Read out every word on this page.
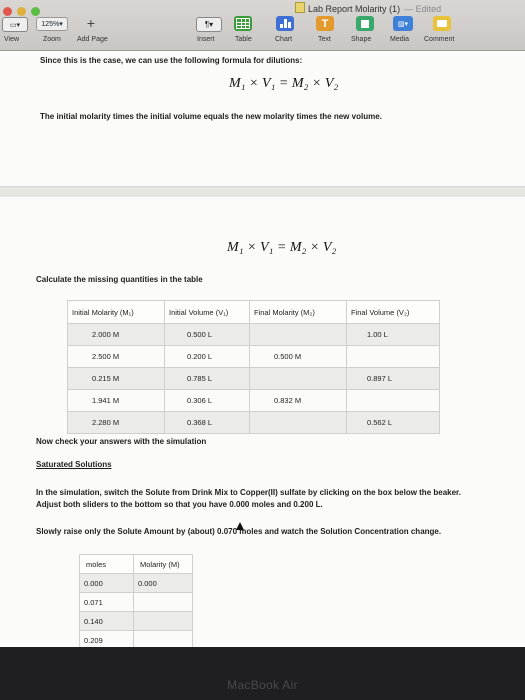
Lab Report Molarity (1) — Edited
▭▾	125% ▾ +	¶ ▾	T	▨▾
View	Zoom Add Page	Insert	Table	Chart	Text	Shape	Media Comment
Since this is the case, we can use the following formula for dilutions:
M₁ × V₁ = M₂ × V₂
The initial molarity times the initial volume equals the new molarity times the new volume.
M₁ × V₁ = M₂ × V₂
Calculate the missing quantities in the table
Initial Molarity (M₁)	Initial Volume (V₁)	Final Molarity (M₂)	Final Volume (V₂)
2.000 M	0.500 L		1.00 L
2.500 M	0.200 L	0.500 M	
0.215 M	0.785 L		0.897 L
1.941 M	0.306 L	0.832 M	
2.280 M	0.368 L		0.562 L
Now check your answers with the simulation
Saturated Solutions
In the simulation, switch the Solute from Drink Mix to Copper(II) sulfate by clicking on the box below the beaker.
Adjust both sliders to the bottom so that you have 0.000 moles and 0.200 L.
Slowly raise only the Solute Amount by (about) 0.070 moles and watch the Solution Concentration change.
moles	Molarity (M)
0.000	0.000
0.071	
0.140	
0.209	
MacBook Air
